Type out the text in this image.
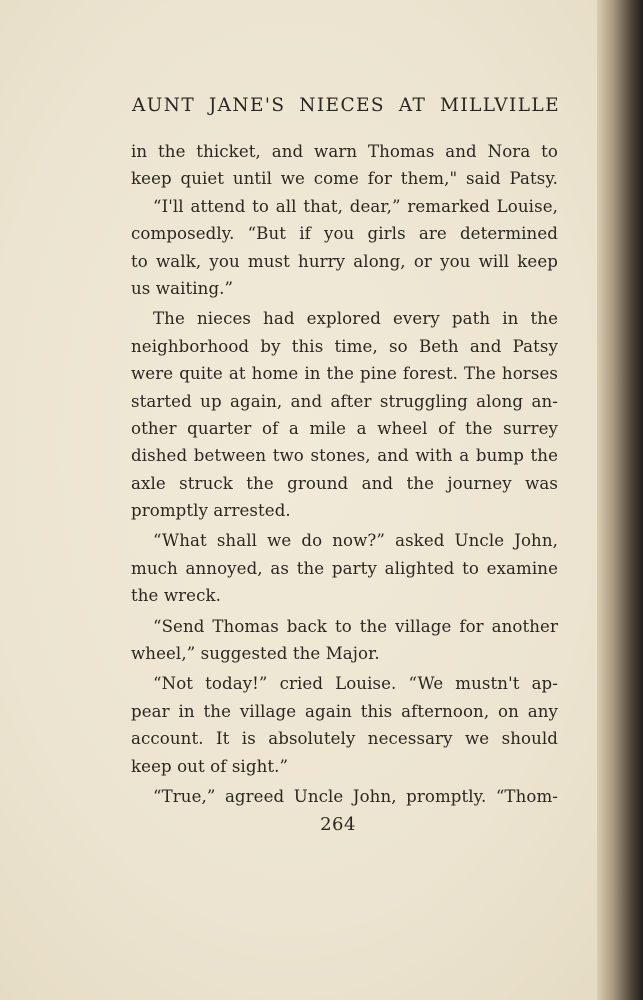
AUNT JANE'S NIECES AT MILLVILLE
in the thicket, and warn Thomas and Nora to
keep quiet until we come for them," said Patsy.
“I'll attend to all that, dear,” remarked Louise,
composedly. “But if you girls are determined
to walk, you must hurry along, or you will keep
us waiting.”
The nieces had explored every path in the
neighborhood by this time, so Beth and Patsy
were quite at home in the pine forest. The horses
started up again, and after struggling along an-
other quarter of a mile a wheel of the surrey
dished between two stones, and with a bump the
axle struck the ground and the journey was
promptly arrested.
“What shall we do now?” asked Uncle John,
much annoyed, as the party alighted to examine
the wreck.
“Send Thomas back to the village for another
wheel,” suggested the Major.
“Not today!” cried Louise. “We mustn't ap-
pear in the village again this afternoon, on any
account. It is absolutely necessary we should
keep out of sight.”
“True,” agreed Uncle John, promptly. “Thom-
264
